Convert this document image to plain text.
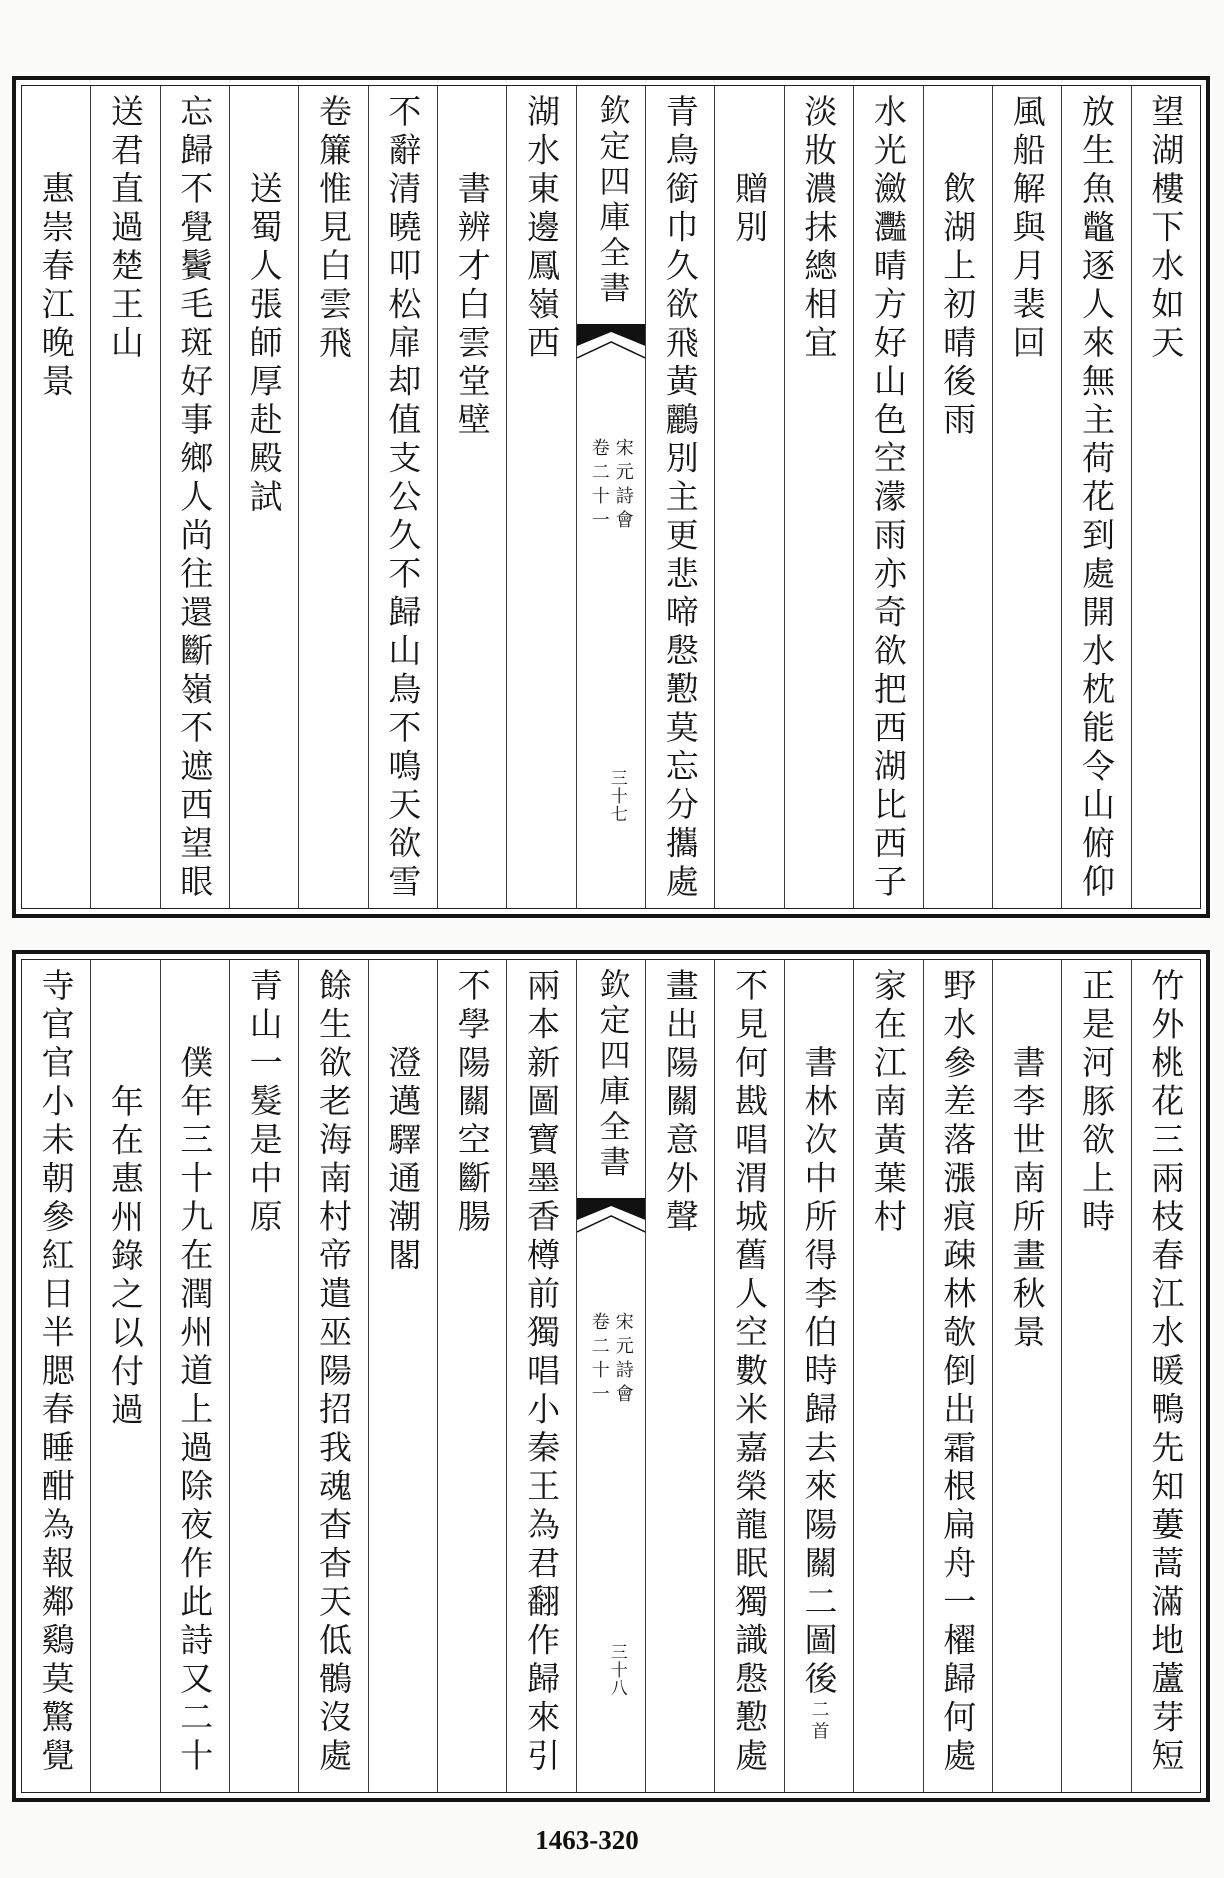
望湖樓下水如天
放生魚鼈逐人來無主荷花到處開水枕能令山俯仰
風船解與月裴回
飲湖上初晴後雨
水光瀲灩晴方好山色空濛雨亦奇欲把西湖比西子
淡妝濃抹總相宜
贈別
青鳥銜巾久欲飛黃鸝別主更悲啼慇懃莫忘分攜處
欽定四庫全書
宋元詩會
卷二十一
三十七
湖水東邊鳳嶺西
書辨才白雲堂壁
不辭清曉叩松扉却值支公久不歸山鳥不鳴天欲雪
卷簾惟見白雲飛
送蜀人張師厚赴殿試
忘歸不覺鬢毛斑好事鄉人尚往還斷嶺不遮西望眼
送君直過楚王山
惠崇春江晚景
竹外桃花三兩枝春江水暖鴨先知蔞蒿滿地蘆芽短
正是河豚欲上時
書李世南所畫秋景
野水參差落漲痕疎林欹倒出霜根扁舟一櫂歸何處
家在江南黃葉村
書林次中所得李伯時歸去來陽關二圖後二首
不見何戡唱渭城舊人空數米嘉榮龍眠獨識慇懃處
畫出陽關意外聲
欽定四庫全書
宋元詩會
卷二十一
三十八
兩本新圖寶墨香樽前獨唱小秦王為君翻作歸來引
不學陽關空斷腸
澄邁驛通潮閣
餘生欲老海南村帝遣巫陽招我魂杳杳天低鶻沒處
青山一髮是中原
僕年三十九在潤州道上過除夜作此詩又二十
年在惠州錄之以付過
寺官官小未朝參紅日半腮春睡酣為報鄰鷄莫驚覺
1463-320
